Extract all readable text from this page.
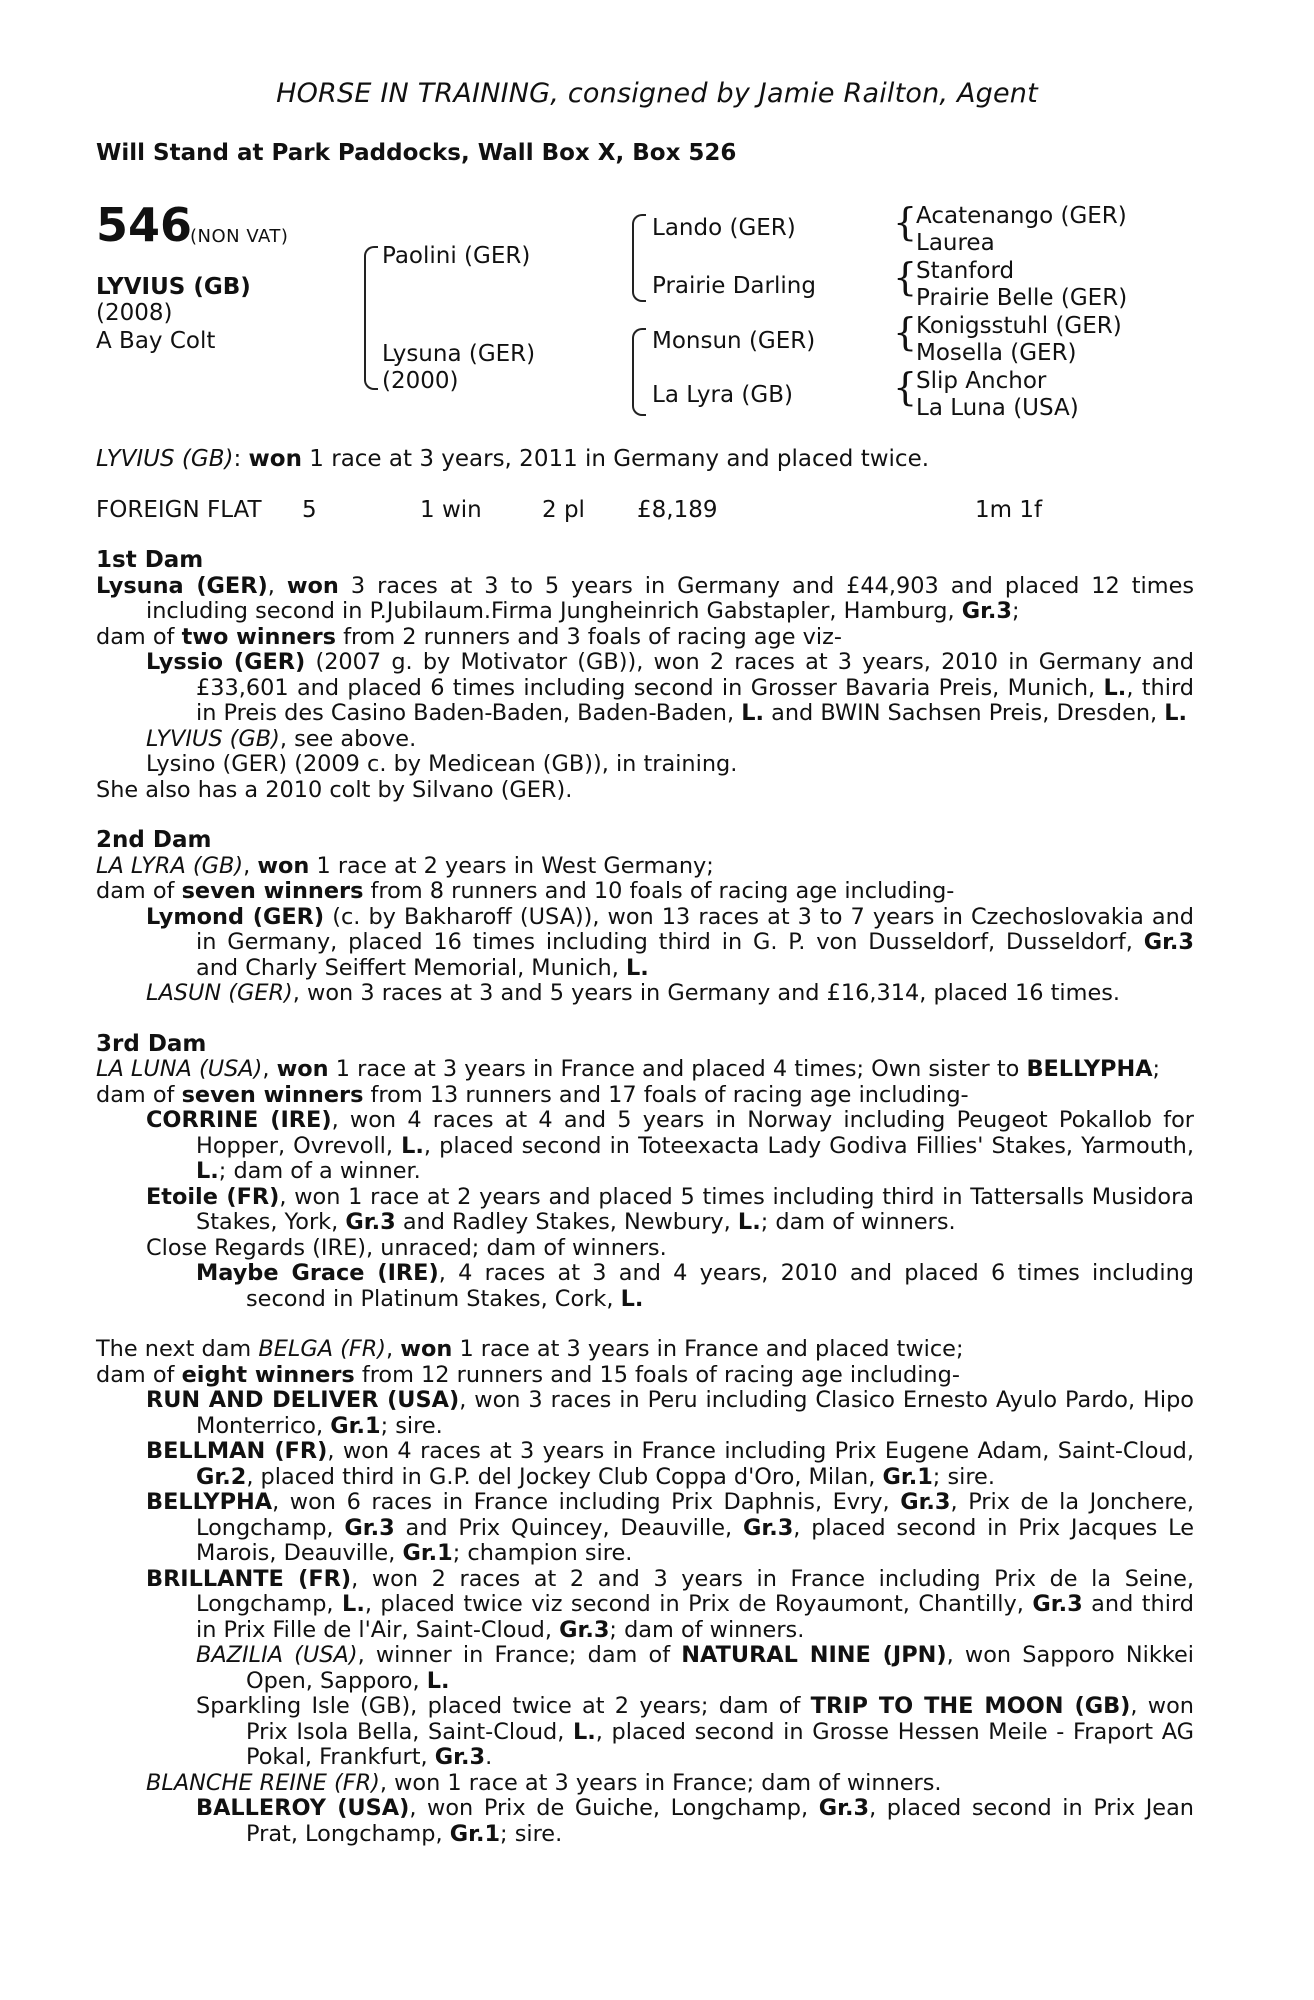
HORSE IN TRAINING, consigned by Jamie Railton, Agent
Will Stand at Park Paddocks, Wall Box X, Box 526
546
(NON VAT)
LYVIUS (GB)
(2008)
A Bay Colt
Paolini (GER)
Lysuna (GER)
(2000)
Lando (GER)
Prairie Darling
Monsun (GER)
La Lyra (GB)
{
Acatenango (GER)
Laurea
{
Stanford
Prairie Belle (GER)
{
Konigsstuhl (GER)
Mosella (GER)
{
Slip Anchor
La Luna (USA)
LYVIUS (GB): won 1 race at 3 years, 2011 in Germany and placed twice.
FOREIGN FLAT 5	1 win	2 pl £8,189	1m 1f

1st Dam

Lysuna (GER), won 3 races at 3 to 5 years in Germany and £44,903 and placed 12 times including second in P.Jubilaum.Firma Jungheinrich Gabstapler, Hamburg, Gr.3;

dam of two winners from 2 runners and 3 foals of racing age viz-

Lyssio (GER) (2007 g. by Motivator (GB)), won 2 races at 3 years, 2010 in Germany and £33,601 and placed 6 times including second in Grosser Bavaria Preis, Munich, L., third in Preis des Casino Baden-Baden, Baden-Baden, L. and BWIN Sachsen Preis, Dresden, L.

LYVIUS (GB), see above.

Lysino (GER) (2009 c. by Medicean (GB)), in training.

She also has a 2010 colt by Silvano (GER).

2nd Dam

LA LYRA (GB), won 1 race at 2 years in West Germany;

dam of seven winners from 8 runners and 10 foals of racing age including-

Lymond (GER) (c. by Bakharoff (USA)), won 13 races at 3 to 7 years in Czechoslovakia and in Germany, placed 16 times including third in G. P. von Dusseldorf, Dusseldorf, Gr.3 and Charly Seiffert Memorial, Munich, L.

LASUN (GER), won 3 races at 3 and 5 years in Germany and £16,314, placed 16 times.

3rd Dam

LA LUNA (USA), won 1 race at 3 years in France and placed 4 times; Own sister to BELLYPHA;

dam of seven winners from 13 runners and 17 foals of racing age including-

CORRINE (IRE), won 4 races at 4 and 5 years in Norway including Peugeot Pokallob for Hopper, Ovrevoll, L., placed second in Toteexacta Lady Godiva Fillies' Stakes, Yarmouth, L.; dam of a winner.

Etoile (FR), won 1 race at 2 years and placed 5 times including third in Tattersalls Musidora Stakes, York, Gr.3 and Radley Stakes, Newbury, L.; dam of winners.

Close Regards (IRE), unraced; dam of winners.

Maybe Grace (IRE), 4 races at 3 and 4 years, 2010 and placed 6 times including second in Platinum Stakes, Cork, L.

The next dam BELGA (FR), won 1 race at 3 years in France and placed twice;

dam of eight winners from 12 runners and 15 foals of racing age including-

RUN AND DELIVER (USA), won 3 races in Peru including Clasico Ernesto Ayulo Pardo, Hipo Monterrico, Gr.1; sire.

BELLMAN (FR), won 4 races at 3 years in France including Prix Eugene Adam, Saint-Cloud, Gr.2, placed third in G.P. del Jockey Club Coppa d'Oro, Milan, Gr.1; sire.

BELLYPHA, won 6 races in France including Prix Daphnis, Evry, Gr.3, Prix de la Jonchere, Longchamp, Gr.3 and Prix Quincey, Deauville, Gr.3, placed second in Prix Jacques Le Marois, Deauville, Gr.1; champion sire.

BRILLANTE (FR), won 2 races at 2 and 3 years in France including Prix de la Seine, Longchamp, L., placed twice viz second in Prix de Royaumont, Chantilly, Gr.3 and third in Prix Fille de l'Air, Saint-Cloud, Gr.3; dam of winners.

BAZILIA (USA), winner in France; dam of NATURAL NINE (JPN), won Sapporo Nikkei Open, Sapporo, L.

Sparkling Isle (GB), placed twice at 2 years; dam of TRIP TO THE MOON (GB), won Prix Isola Bella, Saint-Cloud, L., placed second in Grosse Hessen Meile - Fraport AG Pokal, Frankfurt, Gr.3.

BLANCHE REINE (FR), won 1 race at 3 years in France; dam of winners.

BALLEROY (USA), won Prix de Guiche, Longchamp, Gr.3, placed second in Prix Jean Prat, Longchamp, Gr.1; sire.
